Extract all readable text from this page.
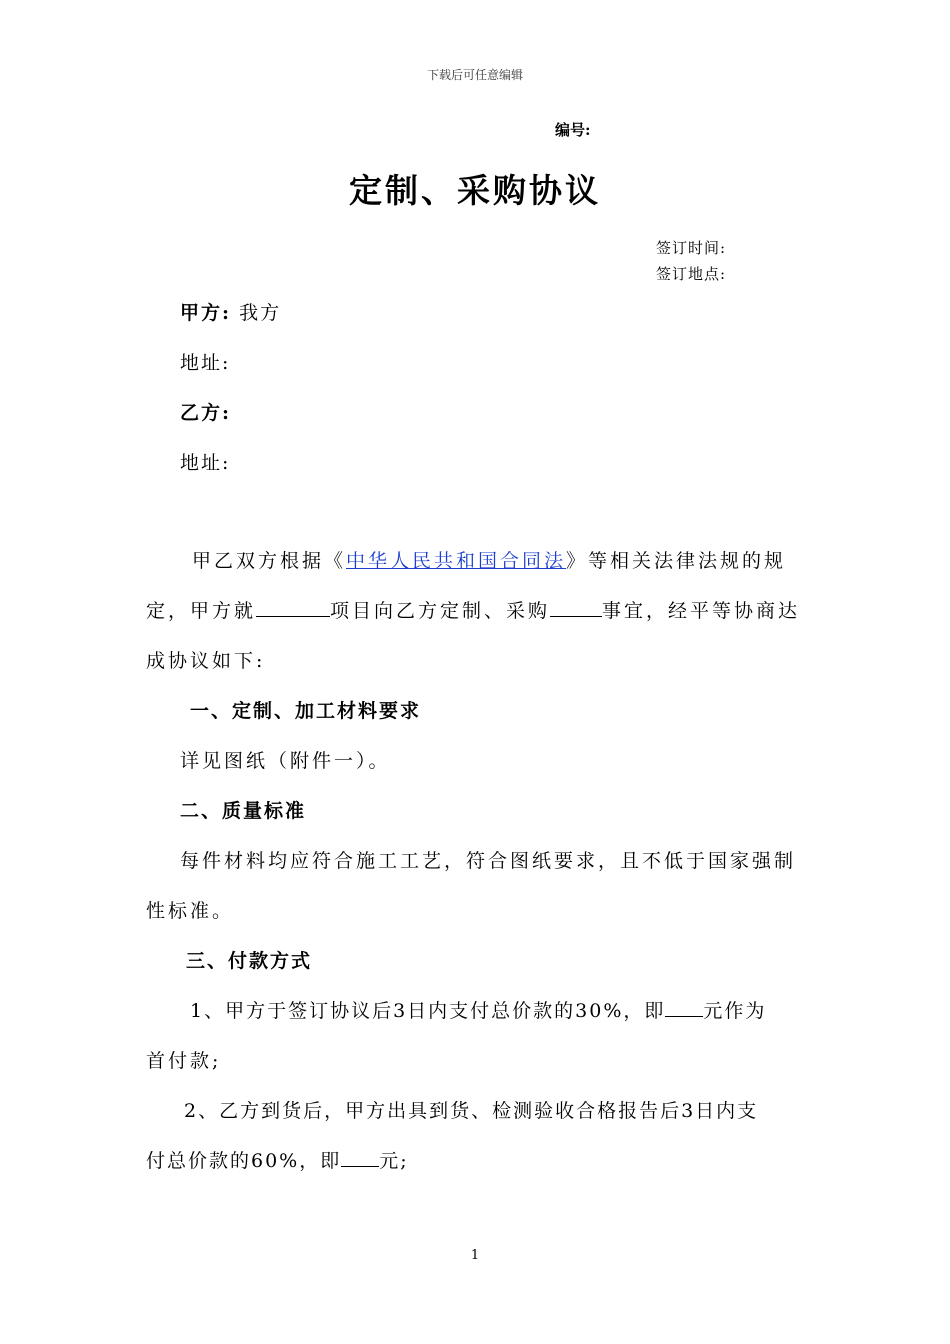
下载后可任意编辑
编号:
定制、采购协议
签订时间:
签订地点:
甲方: 我方
地址:
乙方:
地址:
甲乙双方根据《中华人民共和国合同法》等相关法律法规的规
定，甲方就	项目向乙方定制、采购	事宜，经平等协商达
成协议如下:
一、定制、加工材料要求
详见图纸（附件一）。
二、质量标准
每件材料均应符合施工工艺，符合图纸要求，且不低于国家强制
性标准。
三、付款方式
1、甲方于签订协议后3日内支付总价款的30%，即 元作为
首付款;
2、乙方到货后，甲方出具到货、检测验收合格报告后3日内支
付总价款的60%，即 元;
1
